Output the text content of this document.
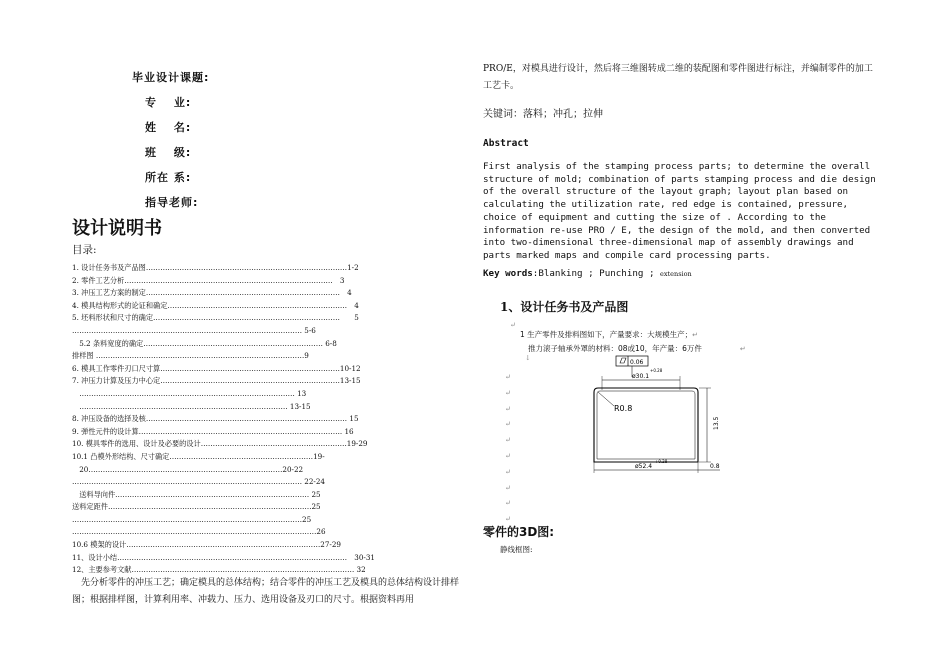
毕业设计课题:
专　 业:
姓　 名:
班　 级:
所在 系:
指导老师:
设计说明书
目录:
1. 设计任务书及产品图…………………………………………………………………………1-2
2. 零件工艺分析……………………………………………………………………………　3
3. 冲压工艺方案的制定………………………………………………………………………　4
4. 模具结构形式的论证和确定…………………………………………………………………　4
5. 坯料形状和尺寸的确定……………………………………………………………………　　5
…………………………………………………………………………………… 5-6
　5.2 条料宽度的确定………………………………………………………………… 6-8
排样图 ……………………………………………………………………………9
6. 模具工作零件刃口尺寸算…………………………………………………………………10-12
7. 冲压力计算及压力中心定…………………………………………………………………13-15
　……………………………………………………………………………… 13
　…………………………………………………………………………… 13-15
8. 冲压设备的选择及核………………………………………………………………………… 15
9. 弹性元件的设计算…………………………………………………………………………. 16
10. 模具零件的选用、设计及必要的设计…………………………………………………….19-29
10.1 凸模外形结构、尺寸确定……………………………………………………19-
　20………………………………………………………………………20-22
…………………………………………………………………………………… 22-24
　送料导向件……………………………………………………………………… 25
送料定距件………………………………………………………………………….25
……………………………………………………………………………………25
…………………………………………………………………………………………26
10.6 模架的设计………………………………………………………………………27-29
11、设计小结……………………………………………………………………………………　30-31
12、主要参考文献………………………………………………………………………………… 32
　先分析零件的冲压工艺；确定模具的总体结构；结合零件的冲压工艺及模具的总体结构设计排样图；根据排样图，计算利用率、冲载力、压力、选用设备及刃口的尺寸。根据资料再用
PRO/E，对模具进行设计，然后将三维图转成二维的装配图和零件图进行标注，并编制零件的加工工艺卡。
关键词：落料；冲孔；拉伸
Abstract
First analysis of the stamping process parts; to determine the overall structure of mold; combination of parts stamping process and die design of the overall structure of the layout graph; layout plan based on calculating the utilization rate, red edge is contained, pressure, choice of equipment and cutting the size of . According to the information re-use PRO / E, the design of the mold, and then converted into two-dimensional three-dimensional map of assembly drawings and parts marked maps and compile card processing parts.
Key words:Blanking ; Punching ; extension
1、设计任务书及产品图
↵
↵
↵
↵
↵
↵
↵
↵
↵
↵
↵
1 生产零件及排料图如下，产量要求：大规模生产；↵
推力滚子轴承外罩的材料：08或10，年产量：6万件	↵
↓
0.06
ø30.1
+0.28
R0.8
13.5
ø52.4
+0.28
0.8
零件的3D图:
静线框图:
